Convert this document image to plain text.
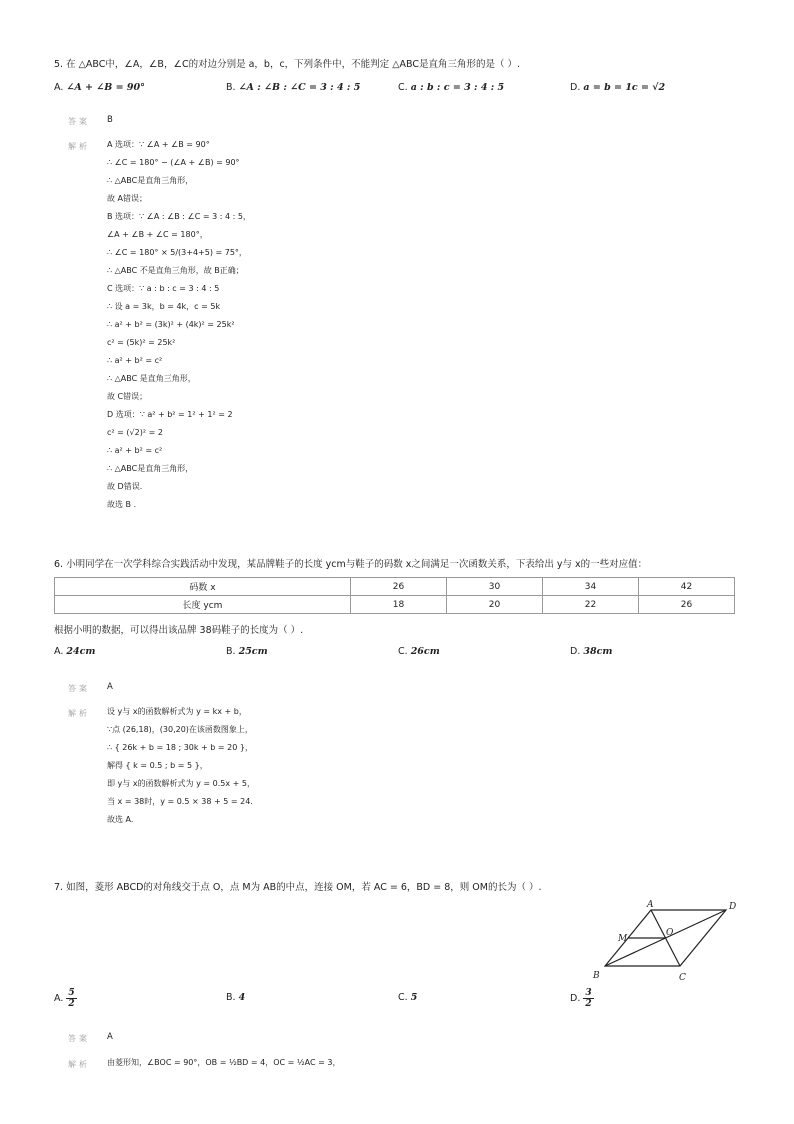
5. 在 △ABC中，∠A，∠B，∠C的对边分别是 a，b，c，下列条件中，不能判定 △ABC是直角三角形的是（ ）.
A. ∠A + ∠B = 90°	B. ∠A : ∠B : ∠C = 3 : 4 : 5	C. a : b : c = 3 : 4 : 5	D. a = b = 1c = √2
答案 B
解析 A 选项：∵ ∠A + ∠B = 90°
∴ ∠C = 180° − (∠A + ∠B) = 90°
∴ △ABC是直角三角形，
故 A错误；
B 选项：∵ ∠A : ∠B : ∠C = 3 : 4 : 5，
∠A + ∠B + ∠C = 180°，
∴ ∠C = 180° × 5/(3+4+5) = 75°，
∴ △ABC 不是直角三角形，故 B正确；
C 选项：∵ a : b : c = 3 : 4 : 5
∴ 设 a = 3k，b = 4k，c = 5k
∴ a² + b² = (3k)² + (4k)² = 25k²
c² = (5k)² = 25k²
∴ a² + b² = c²
∴ △ABC 是直角三角形，
故 C错误；
D 选项：∵ a² + b² = 1² + 1² = 2
c² = (√2)² = 2
∴ a² + b² = c²
∴ △ABC是直角三角形，
故 D错误.
故选 B .
6. 小明同学在一次学科综合实践活动中发现，某品牌鞋子的长度 ycm与鞋子的码数 x之间满足一次函数关系，下表给出 y与 x的一些对应值：
码数 x	26	30	34	42
长度 ycm	18	20	22	26
根据小明的数据，可以得出该品牌 38码鞋子的长度为（ ）.
A. 24cm	B. 25cm	C. 26cm	D. 38cm
答案 A
解析 设 y与 x的函数解析式为 y = kx + b，
∵点 (26,18)，(30,20)在该函数图象上，
∴ { 26k + b = 18 ; 30k + b = 20 }，
解得 { k = 0.5 ; b = 5 }，
即 y与 x的函数解析式为 y = 0.5x + 5，
当 x = 38时，y = 0.5 × 38 + 5 = 24.
故选 A.
7. 如图，菱形 ABCD的对角线交于点 O，点 M为 AB的中点，连接 OM，若 AC = 6，BD = 8，则 OM的长为（ ）.
A	D
B	C
M
O
A. $\frac{5}{2}$	B. 4	C. 5	D. $\frac{3}{2}$
答案 A
解析 由菱形知，∠BOC = 90°，OB = ½BD = 4，OC = ½AC = 3，
